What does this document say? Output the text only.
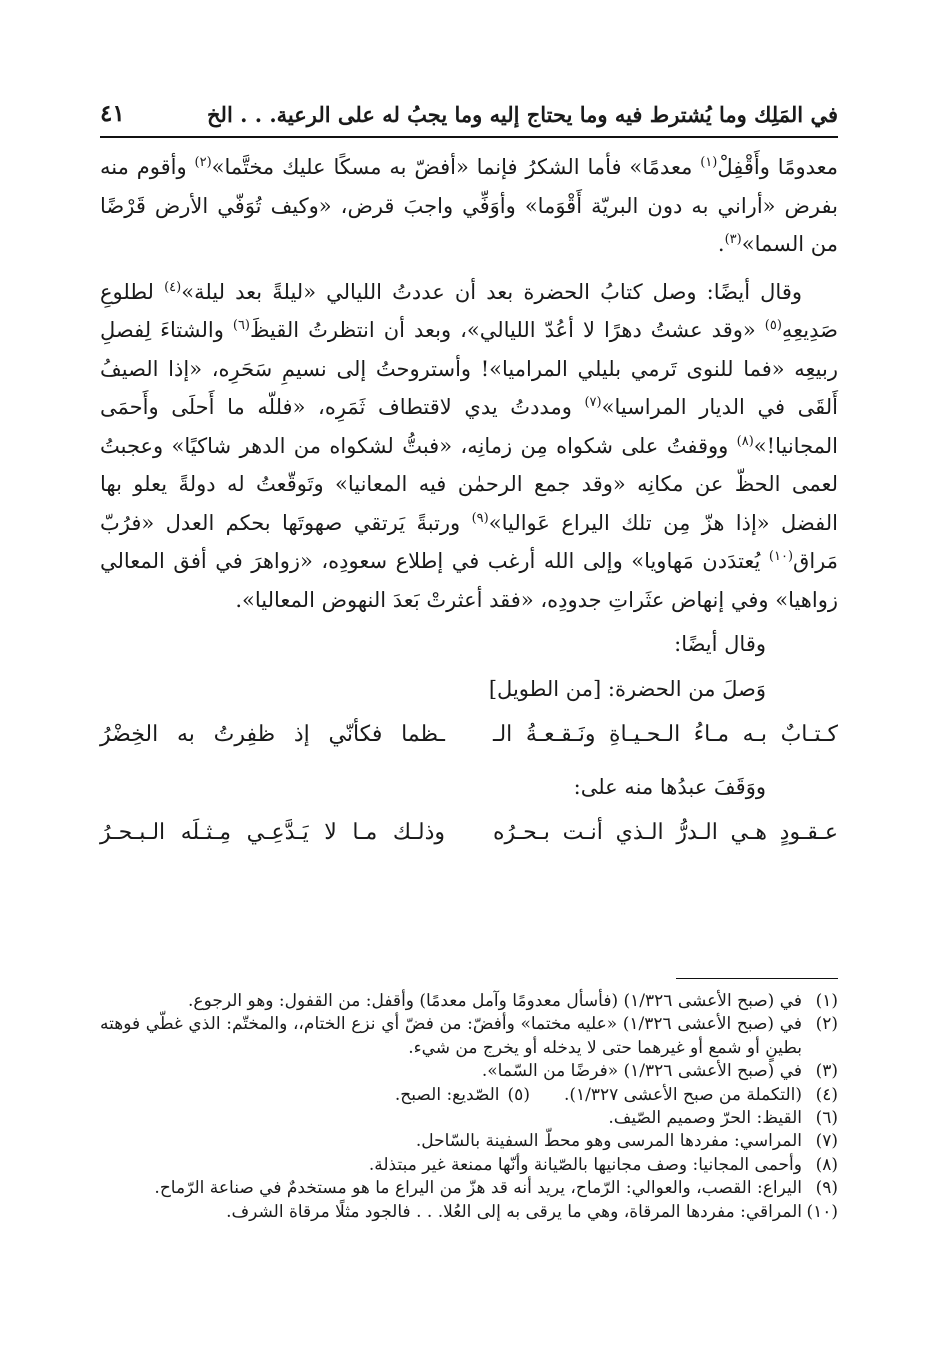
في المَلِك وما يُشترط فيه وما يحتاج إليه وما يجبُ له على الرعية. . . الخ
٤١

معدومًا وأَقْفِلْ$^{(١)}$ معدمًا» فأما الشكرُ فإنما «أفضّ به مسكًا عليك مختَّما»$^{(٢)}$ وأقوم منه بفرض «أراني به دون البريّة أَقْوَما» وأوَفِّي واجبَ قرض، «وكيف تُوَفّي الأرض قَرْضًا من السما»$^{(٣)}$.

وقال أيضًا: وصل كتابُ الحضرة بعد أن عددتُ الليالي «ليلةً بعد ليلة»$^{(٤)}$ لطلوعِ صَدِيعِهِ$^{(٥)}$ «وقد عشتُ دهرًا لا أعُدّ الليالي»، وبعد أن انتظرتُ القيظَ$^{(٦)}$ والشتاءَ لِفصلِ ربيعِه «فما للنوى تَرمي بليلي المراميا»! وأستروحتُ إلى نسيمِ سَحَرِه، «إذا الصيفُ أَلقَى في الديار المراسيا»$^{(٧)}$ ومددتُ يدي لاقتطاف ثَمَرِه، «فللّه ما أَحلَى وأَحمَى المجانيا!»$^{(٨)}$ ووقفتُ على شكواه مِن زمانِه، «فبتُّ لشكواه من الدهر شاكيًا» وعجبتُ لعمى الحظّ عن مكانِه «وقد جمع الرحمٰن فيه المعانيا» وتَوقّعتُ له دولةً يعلو بها الفضل «إذا هزّ مِن تلك اليراع عَواليا»$^{(٩)}$ ورتبةً يَرتقي صهوتَها بحكم العدل «فرُبّ مَراق$^{(١٠)}$ يُعتدَدن مَهاويا» وإلى الله أرغب في إطلاع سعودِه، «زواهرَ في أفق المعالي زواهيا» وفي إنهاض عثَراتِ جدودِه، «فقد أعثرتْ بَعدَ النهوض المعاليا».

وقال أيضًا:

وَصلَ من الحضرة: [من الطويل]

كـتـابٌ بـه مـاءُ الـحـيـاةِ ونَـقـعـةُ الـ
ـظما فكأنّي إذ ظفِرتُ به الخِضْرُ

ووَقَفَ عبدُها منه على:

عـقـودٍ هـي الـدرُّ الـذي أنـت بـحـرُه
وذلـك مـا لا يَـدَّعِـي مِـثـلَه الـبـحـرُ
(١)
في (صبح الأعشى ١/٣٢٦) (فأسأل معدومًا وآمل معدمًا) وأقفل: من القفول: وهو الرجوع.
(٢)
في (صبح الأعشى ١/٣٢٦) «عليه مختما» وأفضّ: من فضّ أي نزع الختام،، والمختّم: الذي غطّي فوهته بطينٍ أو شمع أو غيرهما حتى لا يدخله أو يخرج من شيء.
(٣)
في (صبح الأعشى ١/٣٢٦) «فرضًا من السّما».
(٤)
(التكملة من صبح الأعشى ١/٣٢٧).
(٥)
الصّديع: الصبح.
(٦)
القيظ: الحرّ وصميم الصّيف.
(٧)
المراسي: مفردها المرسى وهو محطّ السفينة بالسّاحل.
(٨)
وأحمى المجانيا: وصف مجانيها بالصّيانة وأنّها ممنعة غير مبتذلة.
(٩)
اليراع: القصب، والعوالي: الرّماح، يريد أنه قد هزّ من اليراع ما هو مستخدمٌ في صناعة الرّماح.
(١٠)
المراقي: مفردها المرقاة، وهي ما يرقى به إلى العُلا. . . فالجود مثلًا مرقاة الشرف.
